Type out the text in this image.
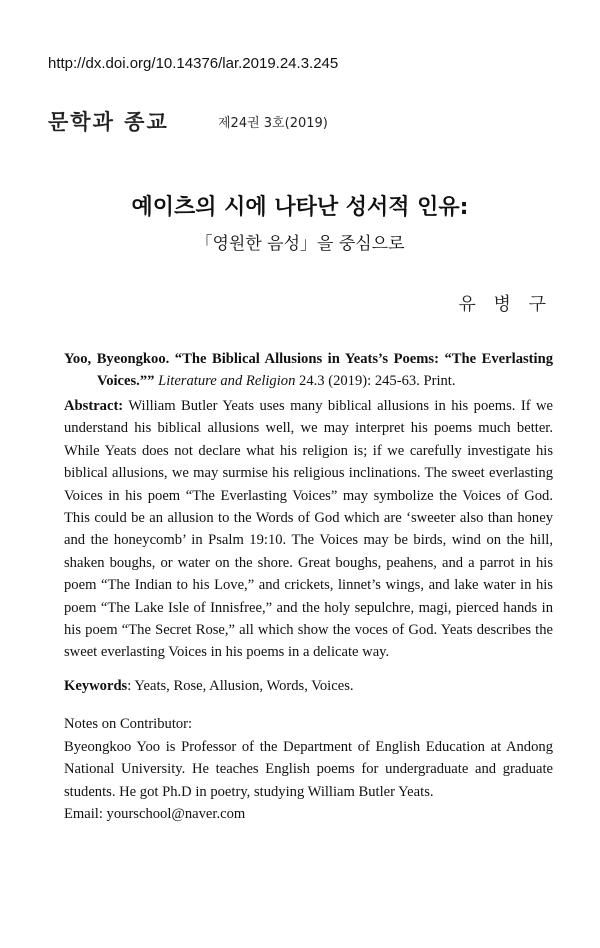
http://dx.doi.org/10.14376/lar.2019.24.3.245
문학과 종교	제24권 3호(2019)
예이츠의 시에 나타난 성서적 인유:
「영원한 음성」을 중심으로
유 병 구
Yoo, Byeongkoo. “The Biblical Allusions in Yeats’s Poems: “The Everlasting Voices.”” Literature and Religion 24.3 (2019): 245-63. Print.
Abstract: William Butler Yeats uses many biblical allusions in his poems. If we understand his biblical allusions well, we may interpret his poems much better. While Yeats does not declare what his religion is; if we carefully investigate his biblical allusions, we may surmise his religious inclinations. The sweet everlasting Voices in his poem “The Everlasting Voices” may symbolize the Voices of God. This could be an allusion to the Words of God which are ‘sweeter also than honey and the honeycomb’ in Psalm 19:10. The Voices may be birds, wind on the hill, shaken boughs, or water on the shore. Great boughs, peahens, and a parrot in his poem “The Indian to his Love,” and crickets, linnet’s wings, and lake water in his poem “The Lake Isle of Innisfree,” and the holy sepulchre, magi, pierced hands in his poem “The Secret Rose,” all which show the voces of God. Yeats describes the sweet everlasting Voices in his poems in a delicate way.
Keywords: Yeats, Rose, Allusion, Words, Voices.
Notes on Contributor:
Byeongkoo Yoo is Professor of the Department of English Education at Andong National University. He teaches English poems for undergraduate and graduate students. He got Ph.D in poetry, studying William Butler Yeats.
Email: yourschool@naver.com
